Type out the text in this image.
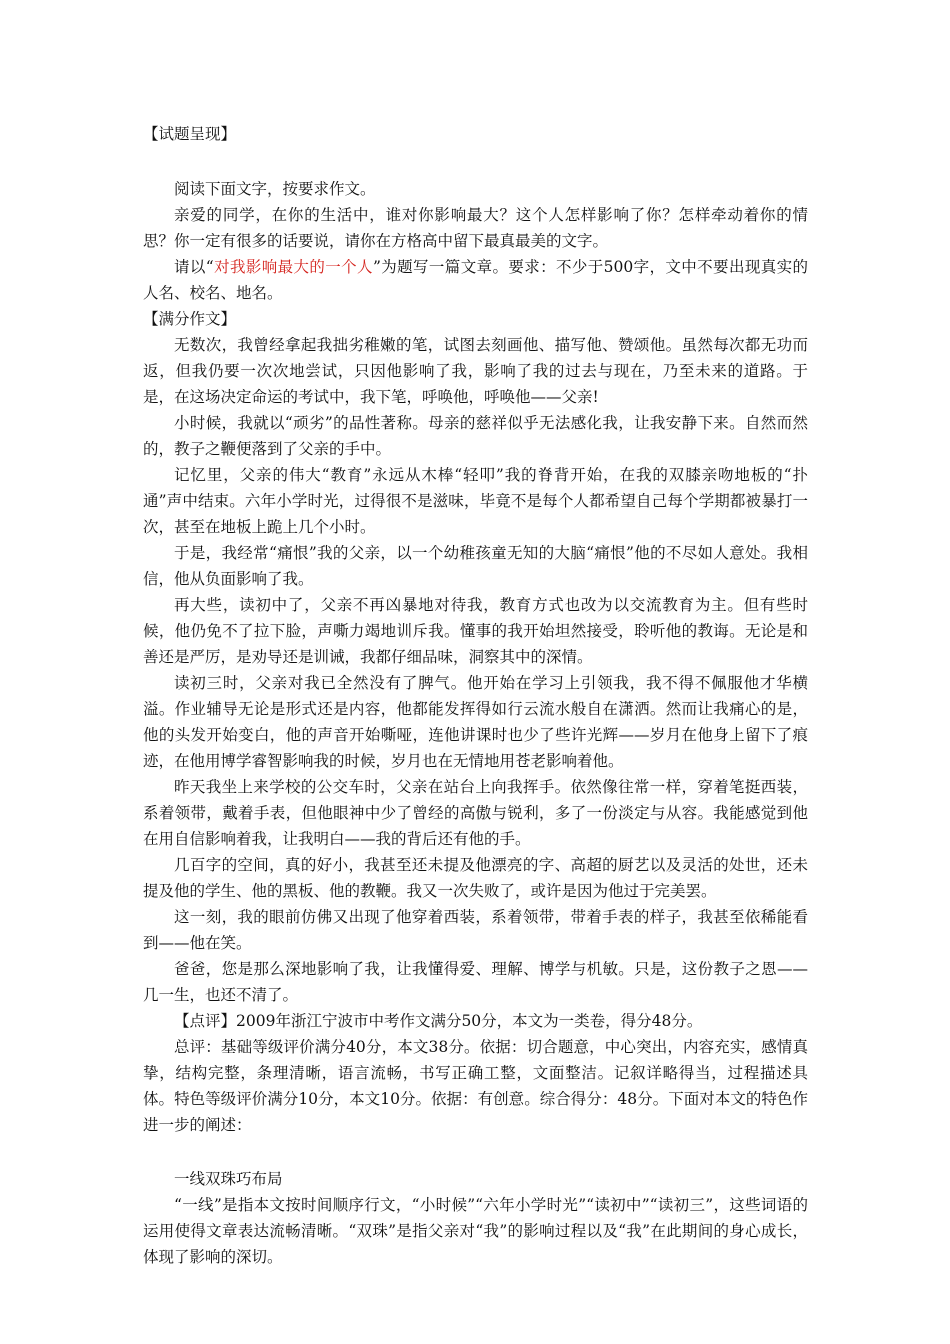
【试题呈现】

阅读下面文字，按要求作文。

亲爱的同学，在你的生活中，谁对你影响最大？这个人怎样影响了你？怎样牵动着你的情思？你一定有很多的话要说，请你在方格高中留下最真最美的文字。

请以“对我影响最大的一个人”为题写一篇文章。要求：不少于500字，文中不要出现真实的人名、校名、地名。

【满分作文】

无数次，我曾经拿起我拙劣稚嫩的笔，试图去刻画他、描写他、赞颂他。虽然每次都无功而返，但我仍要一次次地尝试，只因他影响了我，影响了我的过去与现在，乃至未来的道路。于是，在这场决定命运的考试中，我下笔，呼唤他，呼唤他——父亲!

小时候，我就以“顽劣”的品性著称。母亲的慈祥似乎无法感化我，让我安静下来。自然而然的，教子之鞭便落到了父亲的手中。

记忆里，父亲的伟大“教育”永远从木棒“轻叩”我的脊背开始，在我的双膝亲吻地板的“扑通”声中结束。六年小学时光，过得很不是滋味，毕竟不是每个人都希望自己每个学期都被暴打一次，甚至在地板上跪上几个小时。

于是，我经常“痛恨”我的父亲，以一个幼稚孩童无知的大脑“痛恨”他的不尽如人意处。我相信，他从负面影响了我。

再大些，读初中了，父亲不再凶暴地对待我，教育方式也改为以交流教育为主。但有些时候，他仍免不了拉下脸，声嘶力竭地训斥我。懂事的我开始坦然接受，聆听他的教诲。无论是和善还是严厉，是劝导还是训诫，我都仔细品味，洞察其中的深情。

读初三时，父亲对我已全然没有了脾气。他开始在学习上引领我，我不得不佩服他才华横溢。作业辅导无论是形式还是内容，他都能发挥得如行云流水般自在潇洒。然而让我痛心的是，他的头发开始变白，他的声音开始嘶哑，连他讲课时也少了些许光辉——岁月在他身上留下了痕迹，在他用博学睿智影响我的时候，岁月也在无情地用苍老影响着他。

昨天我坐上来学校的公交车时，父亲在站台上向我挥手。依然像往常一样，穿着笔挺西装，系着领带，戴着手表，但他眼神中少了曾经的高傲与锐利，多了一份淡定与从容。我能感觉到他在用自信影响着我，让我明白——我的背后还有他的手。

几百字的空间，真的好小，我甚至还未提及他漂亮的字、高超的厨艺以及灵活的处世，还未提及他的学生、他的黑板、他的教鞭。我又一次失败了，或许是因为他过于完美罢。

这一刻，我的眼前仿佛又出现了他穿着西装，系着领带，带着手表的样子，我甚至依稀能看到——他在笑。

爸爸，您是那么深地影响了我，让我懂得爱、理解、博学与机敏。只是，这份教子之恩——几一生，也还不清了。

【点评】2009年浙江宁波市中考作文满分50分，本文为一类卷，得分48分。

总评：基础等级评价满分40分，本文38分。依据：切合题意，中心突出，内容充实，感情真挚，结构完整，条理清晰，语言流畅，书写正确工整，文面整洁。记叙详略得当，过程描述具体。特色等级评价满分10分，本文10分。依据：有创意。综合得分：48分。下面对本文的特色作进一步的阐述：

一线双珠巧布局

“一线”是指本文按时间顺序行文，“小时候”“六年小学时光”“读初中”“读初三”，这些词语的运用使得文章表达流畅清晰。“双珠”是指父亲对“我”的影响过程以及“我”在此期间的身心成长，体现了影响的深切。
